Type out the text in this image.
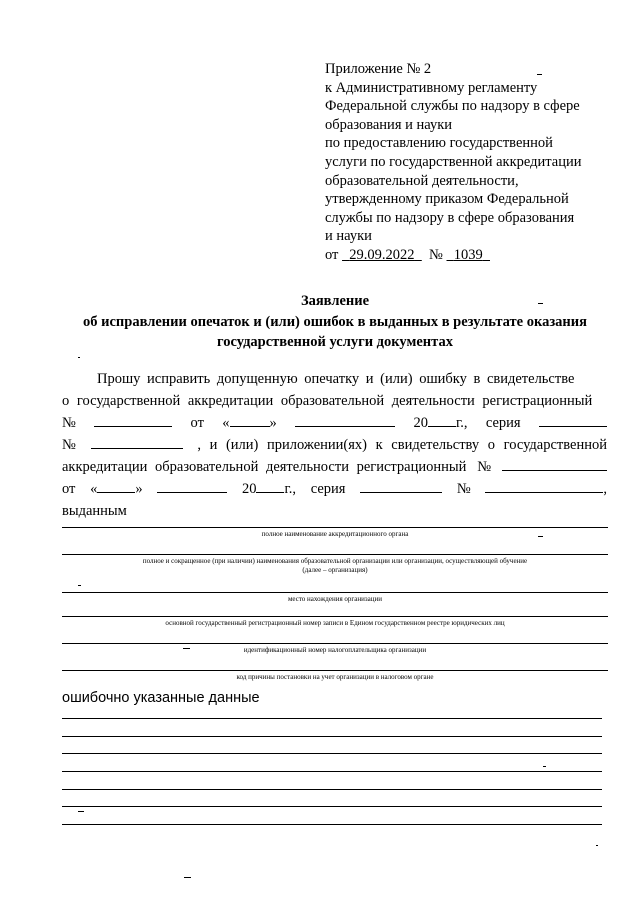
Приложение № 2
к Административному регламенту
Федеральной службы по надзору в сфере
образования и науки
по предоставлению государственной
услуги по государственной аккредитации
образовательной деятельности,
утвержденному приказом Федеральной
службы по надзору в сфере образования
и науки
от 29.09.2022 № 1039
Заявление
об исправлении опечаток и (или) ошибок в выданных в результате оказания
государственной услуги документах
Прошу исправить допущенную опечатку и (или) ошибку в свидетельстве
о государственной аккредитации образовательной деятельности регистрационный
№	от «	»	20 г., серия
№	, и (или) приложении(ях) к свидетельству о государственной
аккредитации образовательной деятельности регистрационный №
от «	»	20 г., серия	№	,
выданным
полное наименование аккредитационного органа
полное и сокращенное (при наличии) наименования образовательной организации или организации, осуществляющей обучение
(далее – организация)
место нахождения организации
основной государственный регистрационный номер записи в Едином государственном реестре юридических лиц
идентификационный номер налогоплательщика организации
код причины постановки на учет организации в налоговом органе
ошибочно указанные данные
